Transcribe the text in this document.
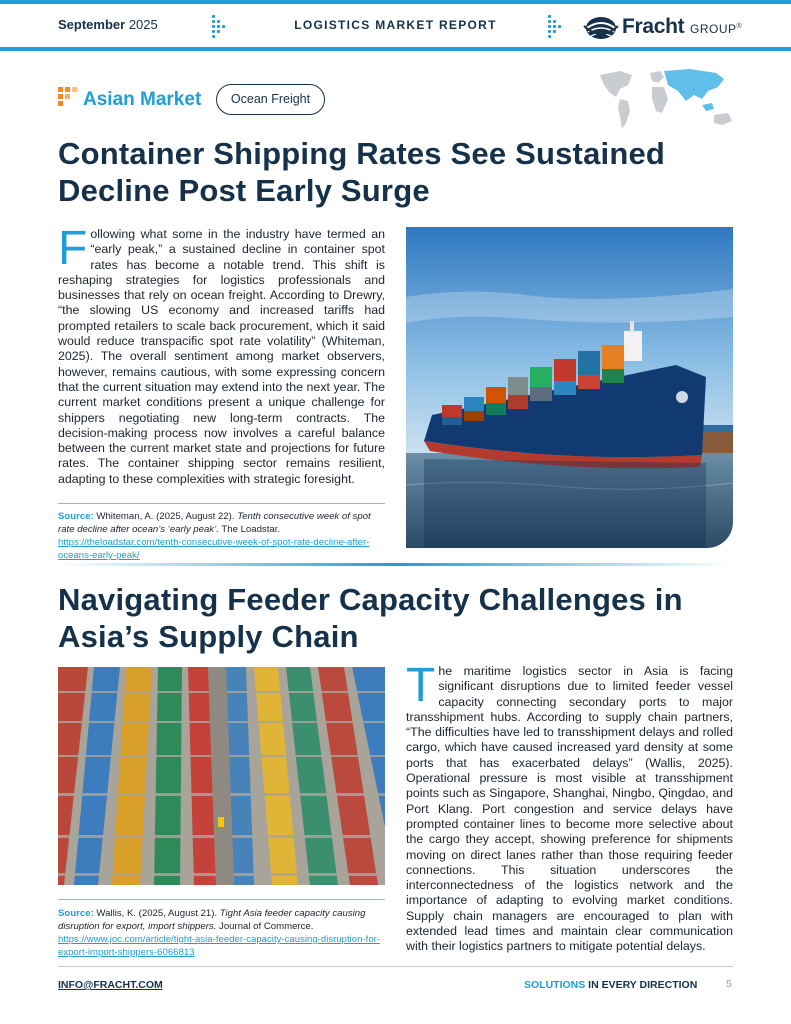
September 2025	LOGISTICS MARKET REPORT	Fracht GROUP®
Asian Market	Ocean Freight
Container Shipping Rates See Sustained
Decline Post Early Surge
Following what some in the industry have termed an “early peak,” a sustained decline in container spot rates has become a notable trend. This shift is reshaping strategies for logistics professionals and businesses that rely on ocean freight. According to Drewry, “the slowing US economy and increased tariffs had prompted retailers to scale back procurement, which it said would reduce transpacific spot rate volatility” (Whiteman, 2025). The overall sentiment among market observers, however, remains cautious, with some expressing concern that the current situation may extend into the next year. The current market conditions present a unique challenge for shippers negotiating new long-term contracts. The decision-making process now involves a careful balance between the current market state and projections for future rates. The container shipping sector remains resilient, adapting to these complexities with strategic foresight.
Source: Whiteman, A. (2025, August 22). Tenth consecutive week of spot rate decline after ocean’s ‘early peak’. The Loadstar. https://theloadstar.com/tenth-consecutive-week-of-spot-rate-decline-after-oceans-early-peak/
Navigating Feeder Capacity Challenges in
Asia’s Supply Chain
Source: Wallis, K. (2025, August 21). Tight Asia feeder capacity causing disruption for export, import shippers. Journal of Commerce. https://www.joc.com/article/tight-asia-feeder-capacity-causing-disruption-for-export-import-shippers-6066813
The maritime logistics sector in Asia is facing significant disruptions due to limited feeder vessel capacity connecting secondary ports to major transshipment hubs. According to supply chain partners, “The difficulties have led to transshipment delays and rolled cargo, which have caused increased yard density at some ports that has exacerbated delays” (Wallis, 2025). Operational pressure is most visible at transshipment points such as Singapore, Shanghai, Ningbo, Qingdao, and Port Klang. Port congestion and service delays have prompted container lines to become more selective about the cargo they accept, showing preference for shipments moving on direct lanes rather than those requiring feeder connections. This situation underscores the interconnectedness of the logistics network and the importance of adapting to evolving market conditions. Supply chain managers are encouraged to plan with extended lead times and maintain clear communication with their logistics partners to mitigate potential delays.
INFO@FRACHT.COM	SOLUTIONS IN EVERY DIRECTION	5
